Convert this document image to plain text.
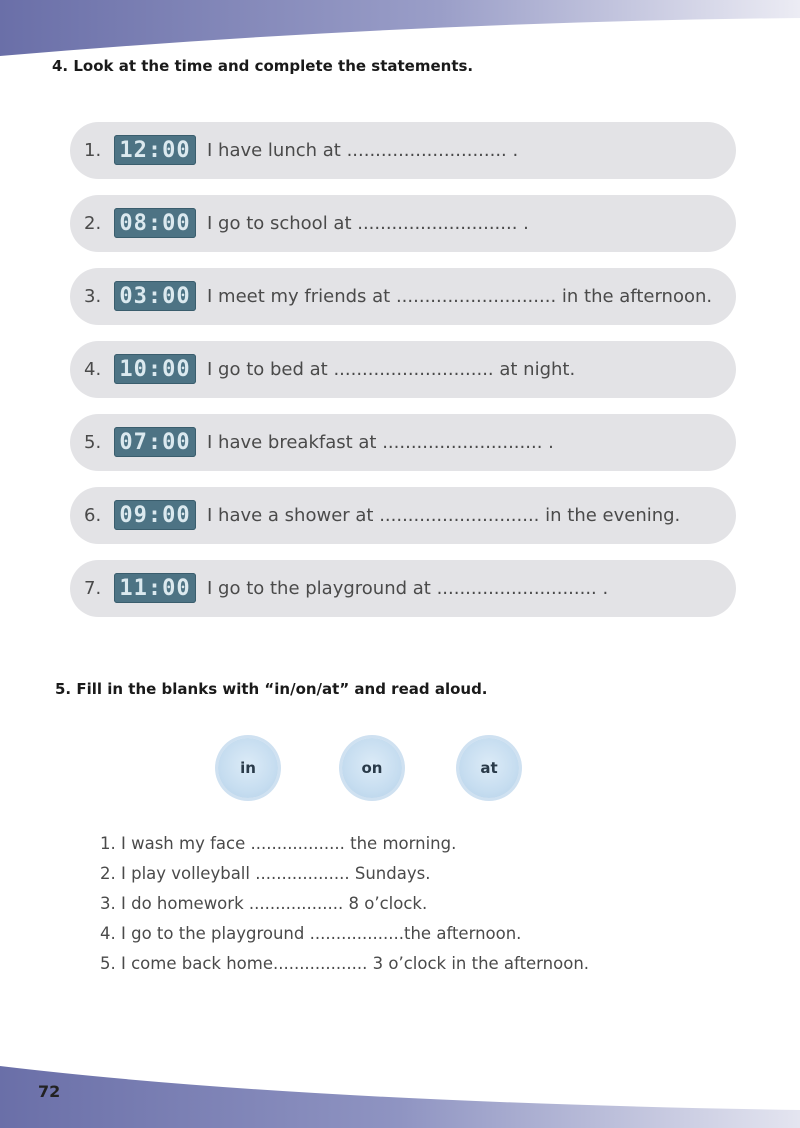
4. Look at the time and complete the statements.
1. 12:00 I have lunch at ............................ .
2. 08:00 I go to school at ............................ .
3. 03:00 I meet my friends at ............................ in the afternoon.
4. 10:00 I go to bed at ............................ at night.
5. 07:00 I have breakfast at ............................ .
6. 09:00 I have a shower at ............................ in the evening.
7. 11:00 I go to the playground at ............................ .
5. Fill in the blanks with “in/on/at” and read aloud.
in	on	at
1. I wash my face .................. the morning.
2. I play volleyball .................. Sundays.
3. I do homework .................. 8 o’clock.
4. I go to the playground ..................the afternoon.
5. I come back home.................. 3 o’clock in the afternoon.
72
